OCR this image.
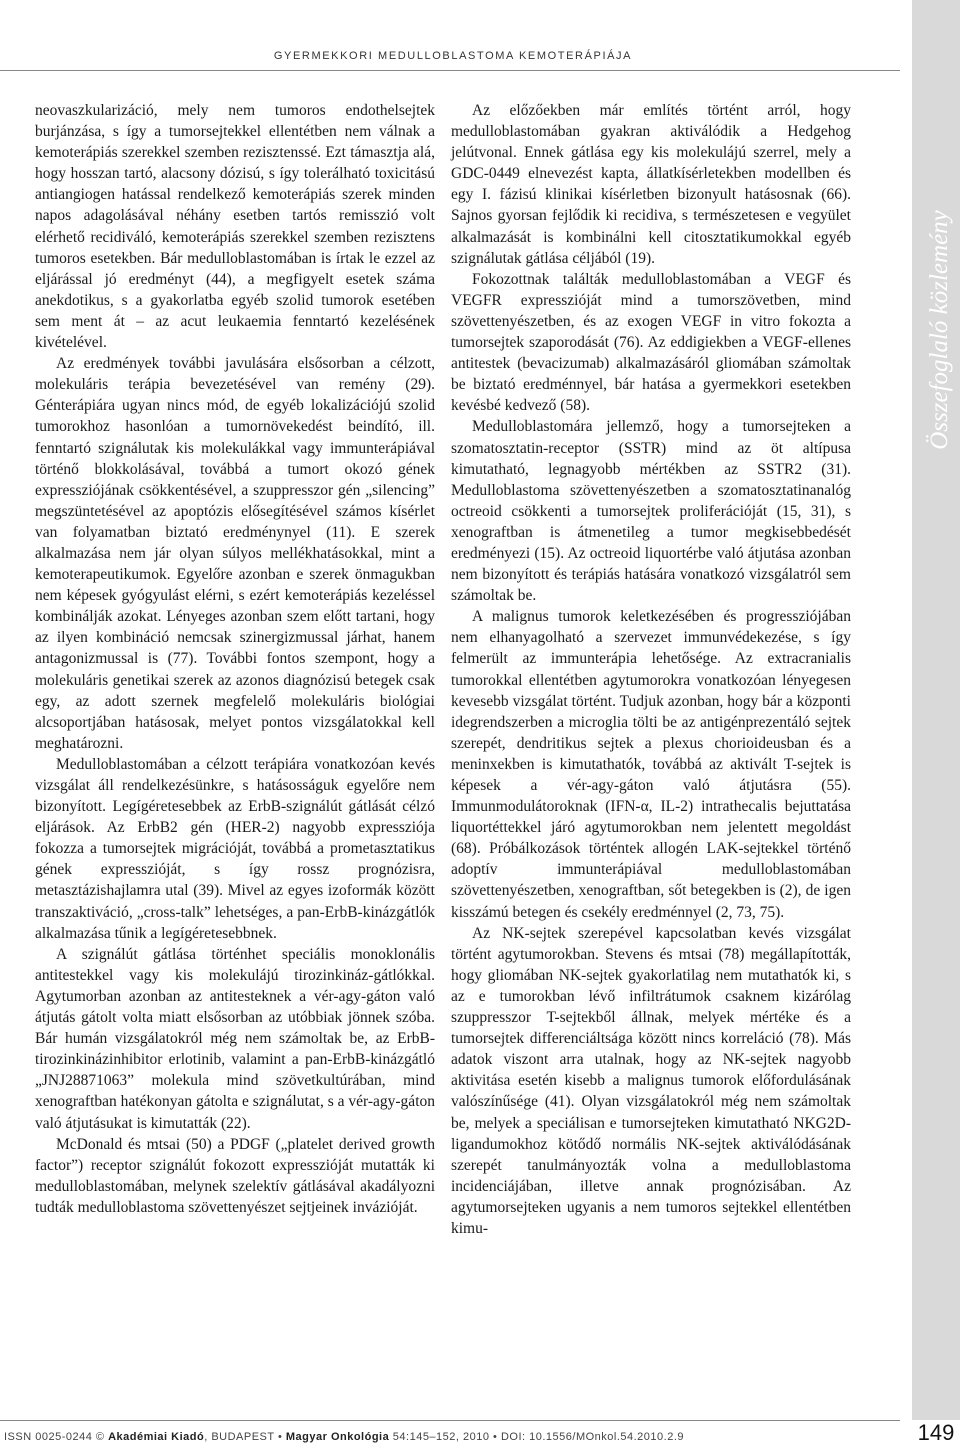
GYERMEKKORI MEDULLOBLASTOMA KEMOTERÁPIÁJA
Összefoglaló közlemény

neovaszkularizáció, mely nem tumoros endothelsejtek burjánzása, s így a tumorsejtekkel ellentétben nem válnak a kemoterápiás szerekkel szemben rezisztenssé. Ezt támasztja alá, hogy hosszan tartó, alacsony dózisú, s így tolerálható toxicitású antiangiogen hatással rendelkező kemoterápiás szerek minden napos adagolásával néhány esetben tartós remisszió volt elérhető recidiváló, kemoterápiás szerekkel szemben rezisztens tumoros esetekben. Bár medulloblastomában is írtak le ezzel az eljárással jó eredményt (44), a megfigyelt esetek száma anekdotikus, s a gyakorlatba egyéb szolid tumorok esetében sem ment át – az acut leukaemia fenntartó kezelésének kivételével.

Az eredmények további javulására elsősorban a célzott, molekuláris terápia bevezetésével van remény (29). Génterápiára ugyan nincs mód, de egyéb lokalizációjú szolid tumorokhoz hasonlóan a tumornövekedést beindító, ill. fenntartó szignálutak kis molekulákkal vagy immunterápiával történő blokkolásával, továbbá a tumort okozó gének expressziójának csökkentésével, a szuppresszor gén „silencing” megszüntetésével az apoptózis elősegítésével számos kísérlet van folyamatban biztató eredménynyel (11). E szerek alkalmazása nem jár olyan súlyos mellékhatásokkal, mint a kemoterapeutikumok. Egyelőre azonban e szerek önmagukban nem képesek gyógyulást elérni, s ezért kemoterápiás kezeléssel kombinálják azokat. Lényeges azonban szem előtt tartani, hogy az ilyen kombináció nemcsak szinergizmussal járhat, hanem antagonizmussal is (77). További fontos szempont, hogy a molekuláris genetikai szerek az azonos diagnózisú betegek csak egy, az adott szernek megfelelő molekuláris biológiai alcsoportjában hatásosak, melyet pontos vizsgálatokkal kell meghatározni.

Medulloblastomában a célzott terápiára vonatkozóan kevés vizsgálat áll rendelkezésünkre, s hatásosságuk egyelőre nem bizonyított. Legígéretesebbek az ErbB-szignálút gátlását célzó eljárások. Az ErbB2 gén (HER-2) nagyobb expressziója fokozza a tumorsejtek migrációját, továbbá a prometasztatikus gének expresszióját, s így rossz prognózisra, metasztázishajlamra utal (39). Mivel az egyes izoformák között transzaktiváció, „cross-talk” lehetséges, a pan-ErbB-kinázgátlók alkalmazása tűnik a legígéretesebbnek.

A szignálút gátlása történhet speciális monoklonális antitestekkel vagy kis molekulájú tirozinkináz-gátlókkal. Agytumorban azonban az antitesteknek a vér-agy-gáton való átjutás gátolt volta miatt elsősorban az utóbbiak jönnek szóba. Bár humán vizsgálatokról még nem számoltak be, az ErbB-tirozinkinázinhibitor erlotinib, valamint a pan-ErbB-kinázgátló „JNJ28871063” molekula mind szövetkultúrában, mind xenograftban hatékonyan gátolta e szignálutat, s a vér-agy-gáton való átjutásukat is kimutatták (22).

McDonald és mtsai (50) a PDGF („platelet derived growth factor”) receptor szignálút fokozott expresszióját mutatták ki medulloblastomában, melynek szelektív gátlásával akadályozni tudták medulloblastoma szövettenyészet sejtjeinek invázióját.

Az előzőekben már említés történt arról, hogy medulloblastomában gyakran aktiválódik a Hedgehog jelútvonal. Ennek gátlása egy kis molekulájú szerrel, mely a GDC-0449 elnevezést kapta, állatkísérletekben modellben és egy I. fázisú klinikai kísérletben bizonyult hatásosnak (66). Sajnos gyorsan fejlődik ki recidiva, s természetesen e vegyület alkalmazását is kombinálni kell citosztatikumokkal egyéb szignálutak gátlása céljából (19).

Fokozottnak találták medulloblastomában a VEGF és VEGFR expresszióját mind a tumorszövetben, mind szövettenyészetben, és az exogen VEGF in vitro fokozta a tumorsejtek szaporodását (76). Az eddigiekben a VEGF-ellenes antitestek (bevacizumab) alkalmazásáról gliomában számoltak be biztató eredménnyel, bár hatása a gyermekkori esetekben kevésbé kedvező (58).

Medulloblastomára jellemző, hogy a tumorsejteken a szomatosztatin-receptor (SSTR) mind az öt altípusa kimutatható, legnagyobb mértékben az SSTR2 (31). Medulloblastoma szövettenyészetben a szomatosztatinanalóg octreoid csökkenti a tumorsejtek proliferációját (15, 31), s xenograftban is átmenetileg a tumor megkisebbedését eredményezi (15). Az octreoid liquortérbe való átjutása azonban nem bizonyított és terápiás hatására vonatkozó vizsgálatról sem számoltak be.

A malignus tumorok keletkezésében és progressziójában nem elhanyagolható a szervezet immunvédekezése, s így felmerült az immunterápia lehetősége. Az extracranialis tumorokkal ellentétben agytumorokra vonatkozóan lényegesen kevesebb vizsgálat történt. Tudjuk azonban, hogy bár a központi idegrendszerben a microglia tölti be az antigénprezentáló sejtek szerepét, dendritikus sejtek a plexus chorioideusban és a meninxekben is kimutathatók, továbbá az aktivált T-sejtek is képesek a vér-agy-gáton való átjutásra (55). Immunmodulátoroknak (IFN-α, IL-2) intrathecalis bejuttatása liquortéttekkel járó agytumorokban nem jelentett megoldást (68). Próbálkozások történtek allogén LAK-sejtekkel történő adoptív immunterápiával medulloblastomában szövettenyészetben, xenograftban, sőt betegekben is (2), de igen kisszámú betegen és csekély eredménnyel (2, 73, 75).

Az NK-sejtek szerepével kapcsolatban kevés vizsgálat történt agytumorokban. Stevens és mtsai (78) megállapították, hogy gliomában NK-sejtek gyakorlatilag nem mutathatók ki, s az e tumorokban lévő infiltrátumok csaknem kizárólag szuppresszor T-sejtekből állnak, melyek mértéke és a tumorsejtek differenciáltsága között nincs korreláció (78). Más adatok viszont arra utalnak, hogy az NK-sejtek nagyobb aktivitása esetén kisebb a malignus tumorok előfordulásának valószínűsége (41). Olyan vizsgálatokról még nem számoltak be, melyek a speciálisan e tumorsejteken kimutatható NKG2D-ligandumokhoz kötődő normális NK-sejtek aktiválódásának szerepét tanulmányozták volna a medulloblastoma incidenciájában, illetve annak prognózisában. Az agytumorsejteken ugyanis a nem tumoros sejtekkel ellentétben kimu-

ISSN 0025-0244 © Akadémiai Kiadó, BUDAPEST • Magyar Onkológia 54:145–152, 2010 • DOI: 10.1556/MOnkol.54.2010.2.9	149
